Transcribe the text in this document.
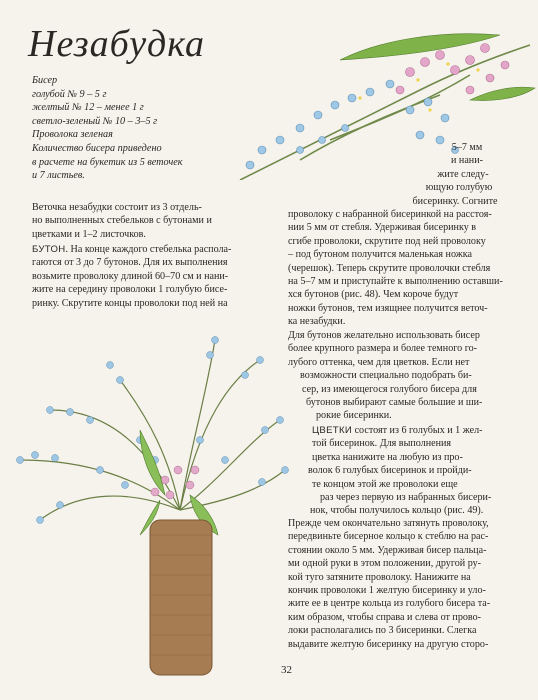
Незабудка
Бисер
голубой № 9 – 5 г
желтый № 12 – менее 1 г
светло-зеленый № 10 – 3–5 г
Проволока зеленая
Количество бисера приведено
в расчете на букетик из 5 веточек
и 7 листьев.

Веточка незабудки состоит из 3 отдель-

но выполненных стебельков с бутонами и

цветками и 1–2 листочков.

БУТОН. На конце каждого стебелька распола-

гаются от 3 до 7 бутонов. Для их выполнения

возьмите проволоку длиной 60–70 см и нани-

жите на середину проволоки 1 голубую бисе-

ринку. Скрутите концы проволоки под ней на

5–7 мм

и нани-

жите следу-

ющую голубую

бисеринку. Согните

проволоку с набранной бисеринкой на расстоя-

нии 5 мм от стебля. Удерживая бисеринку в

сгибе проволоки, скрутите под ней проволоку

– под бутоном получится маленькая ножка

(черешок). Теперь скрутите проволочки стебля

на 5–7 мм и приступайте к выполнению оставши-

хся бутонов (рис. 48). Чем короче будут

ножки бутонов, тем изящнее получится веточ-

ка незабудки.

Для бутонов желательно использовать бисер

более крупного размера и более темного го-

лубого оттенка, чем для цветков. Если нет

возможности специально подобрать би-

сер, из имеющегося голубого бисера для

бутонов выбирают самые большие и ши-

рокие бисеринки.

ЦВЕТКИ состоят из 6 голубых и 1 жел-

той бисеринок. Для выполнения

цветка нанижите на любую из про-

волок 6 голубых бисеринок и пройди-

те концом этой же проволоки еще

раз через первую из набранных бисери-

нок, чтобы получилось кольцо (рис. 49).

Прежде чем окончательно затянуть проволоку,

передвиньте бисерное кольцо к стеблю на рас-

стоянии около 5 мм. Удерживая бисер пальца-

ми одной руки в этом положении, другой ру-

кой туго затяните проволоку. Нанижите на

кончик проволоки 1 желтую бисеринку и уло-

жите ее в центре кольца из голубого бисера та-

ким образом, чтобы справа и слева от прово-

локи располагались по 3 бисеринки. Слегка

выдавите желтую бисеринку на другую сторо-

32
